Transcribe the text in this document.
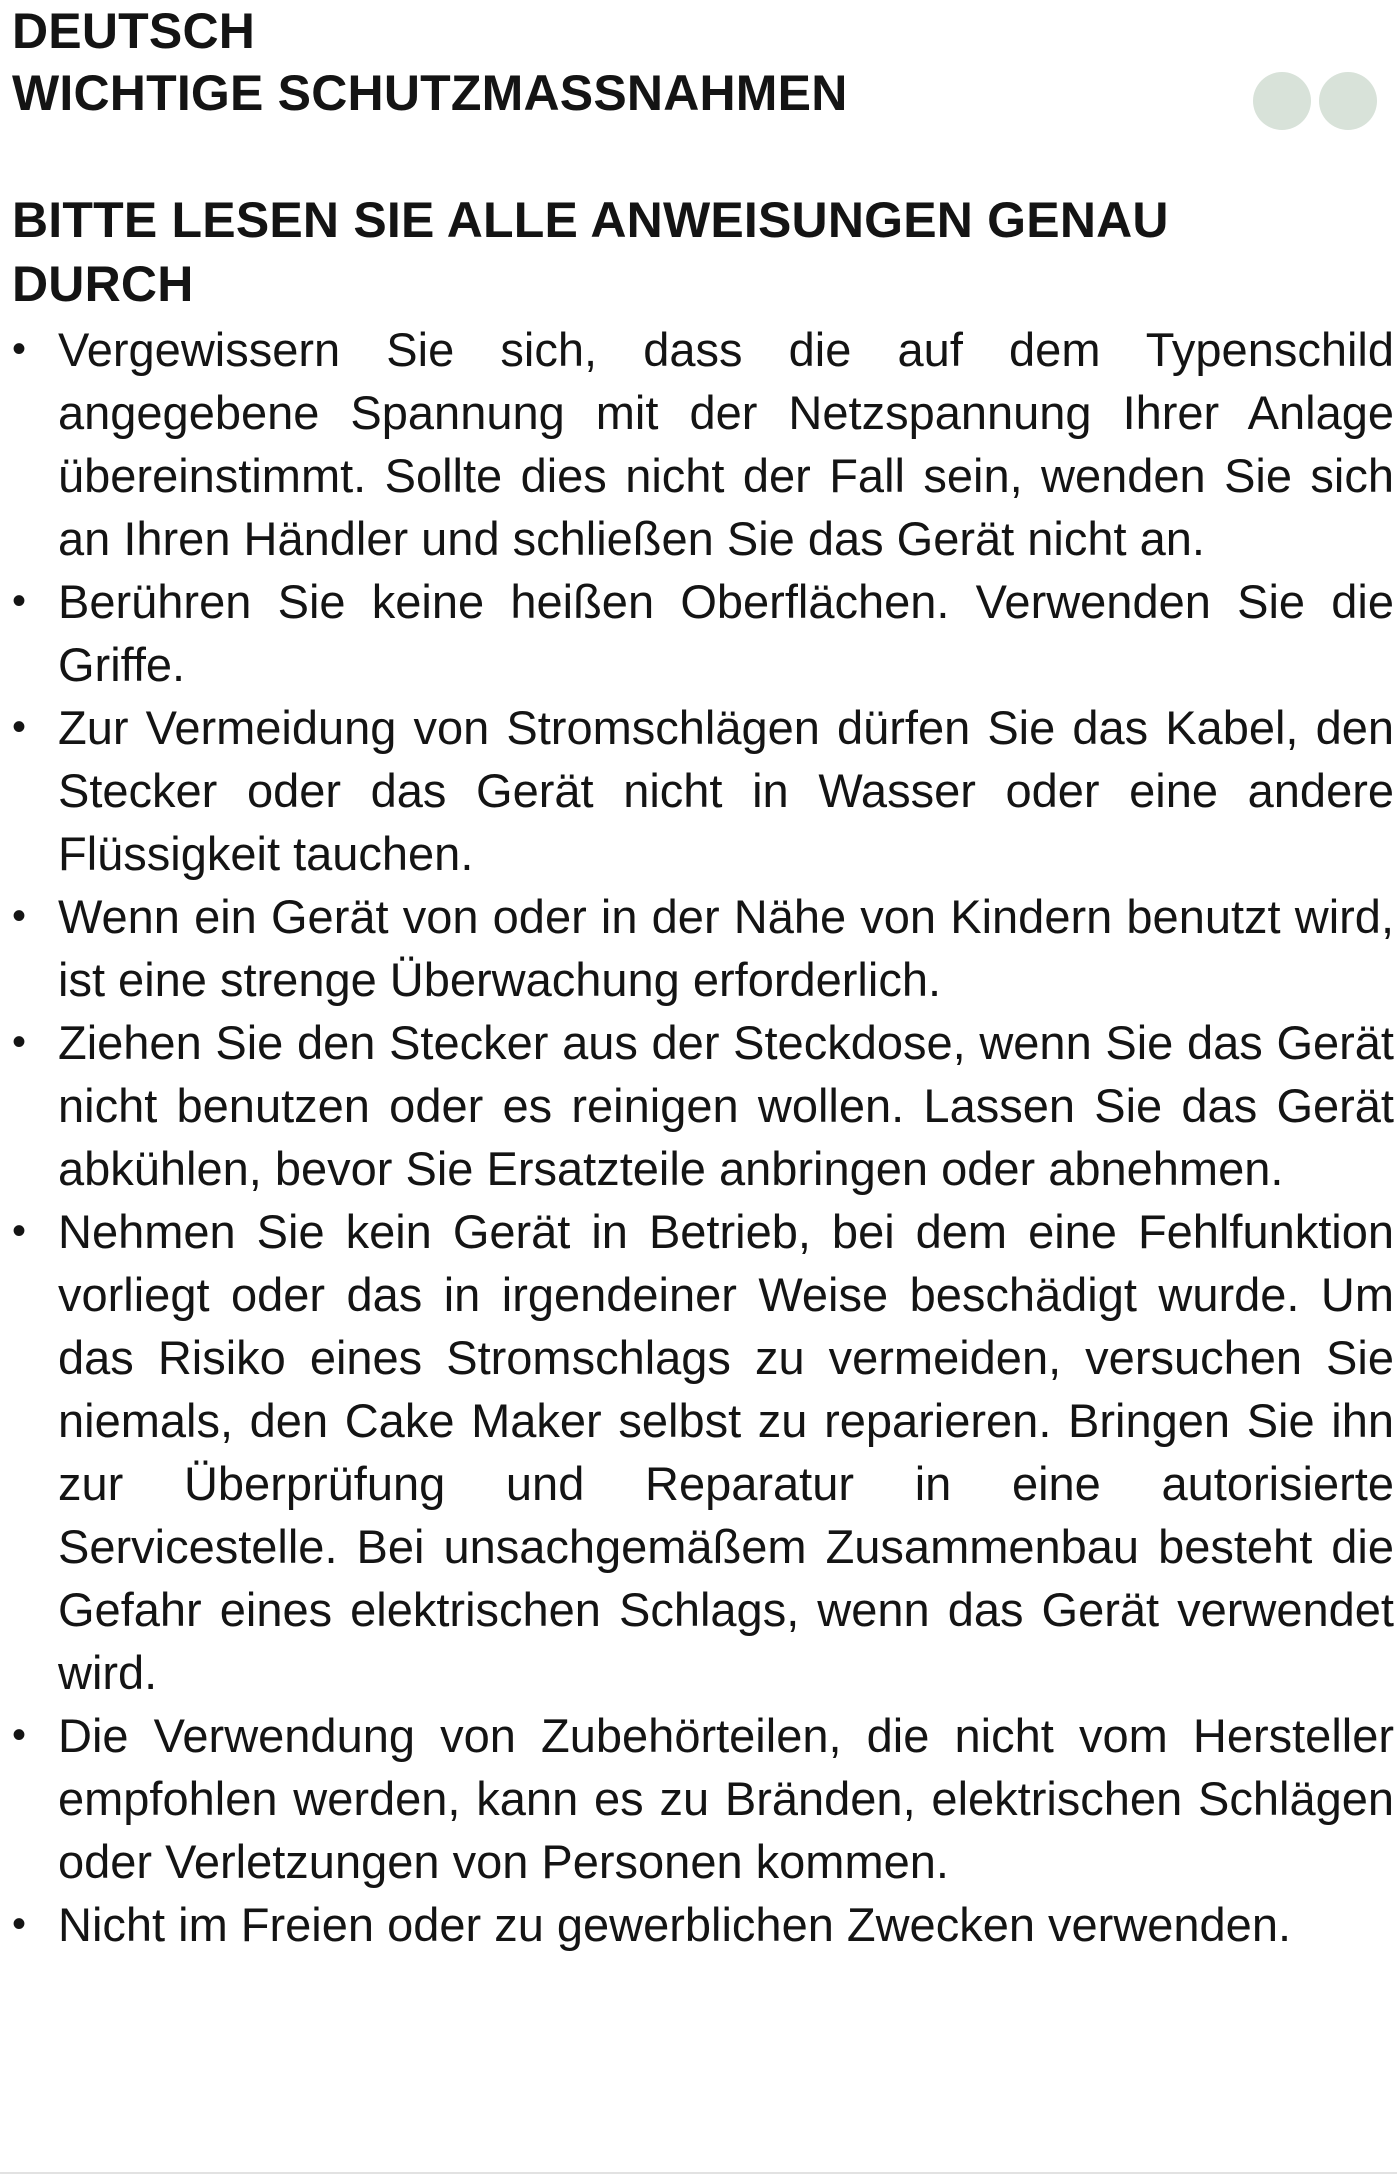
DEUTSCH
WICHTIGE SCHUTZMASSNAHMEN
BITTE LESEN SIE ALLE ANWEISUNGEN GENAU DURCH
• Vergewissern Sie sich, dass die auf dem Typenschild angegebene Spannung mit der Netzspannung Ihrer Anlage übereinstimmt. Sollte dies nicht der Fall sein, wenden Sie sich an Ihren Händler und schließen Sie das Gerät nicht an.
• Berühren Sie keine heißen Oberflächen. Verwenden Sie die Griffe.
• Zur Vermeidung von Stromschlägen dürfen Sie das Kabel, den Stecker oder das Gerät nicht in Wasser oder eine andere Flüssigkeit tauchen.
• Wenn ein Gerät von oder in der Nähe von Kindern benutzt wird, ist eine strenge Überwachung erforderlich.
• Ziehen Sie den Stecker aus der Steckdose, wenn Sie das Gerät nicht benutzen oder es reinigen wollen. Lassen Sie das Gerät abkühlen, bevor Sie Ersatzteile anbringen oder abnehmen.
• Nehmen Sie kein Gerät in Betrieb, bei dem eine Fehlfunktion vorliegt oder das in irgendeiner Weise beschädigt wurde. Um das Risiko eines Stromschlags zu vermeiden, versuchen Sie niemals, den Cake Maker selbst zu reparieren. Bringen Sie ihn zur Überprüfung und Reparatur in eine autorisierte Servicestelle. Bei unsachgemäßem Zusammenbau besteht die Gefahr eines elektrischen Schlags, wenn das Gerät verwendet wird.
• Die Verwendung von Zubehörteilen, die nicht vom Hersteller empfohlen werden, kann es zu Bränden, elektrischen Schlägen oder Verletzungen von Personen kommen.
• Nicht im Freien oder zu gewerblichen Zwecken verwenden.
